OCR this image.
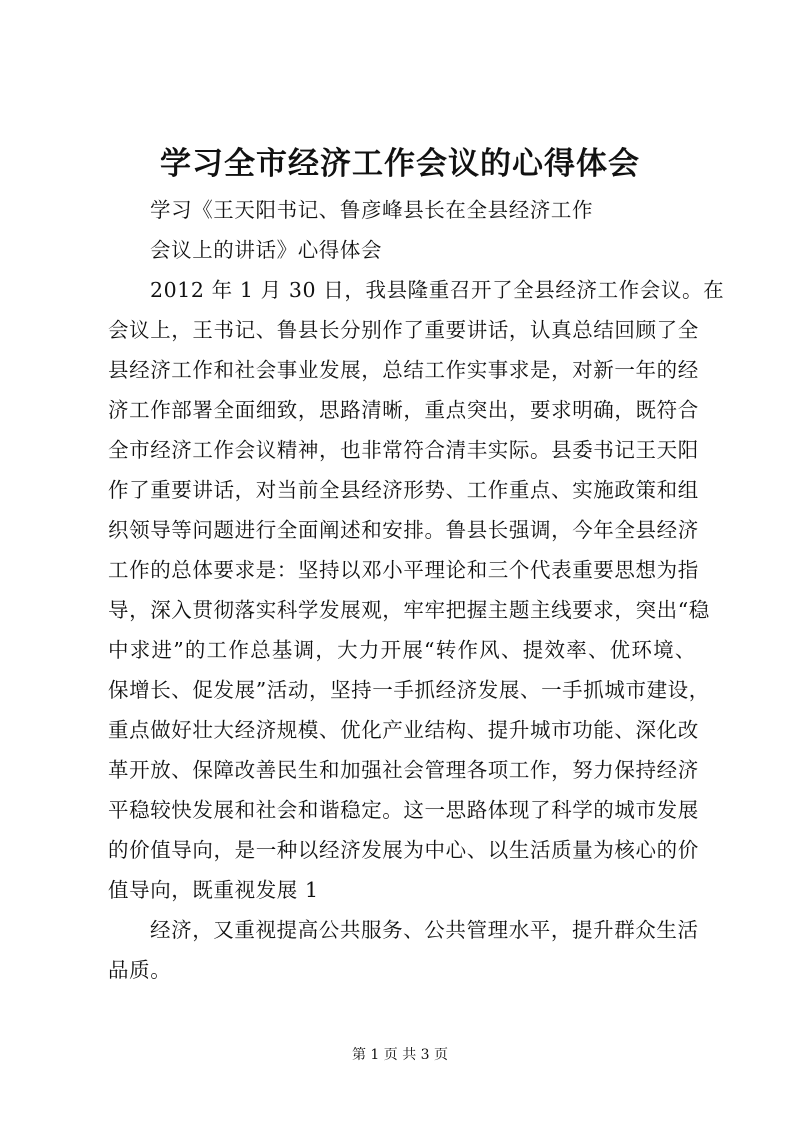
学习全市经济工作会议的心得体会
学习《王天阳书记、鲁彦峰县长在全县经济工作
会议上的讲话》心得体会
2012 年 1 月 30 日，我县隆重召开了全县经济工作会议。在
会议上，王书记、鲁县长分别作了重要讲话，认真总结回顾了全
县经济工作和社会事业发展，总结工作实事求是，对新一年的经
济工作部署全面细致，思路清晰，重点突出，要求明确，既符合
全市经济工作会议精神，也非常符合清丰实际。县委书记王天阳
作了重要讲话，对当前全县经济形势、工作重点、实施政策和组
织领导等问题进行全面阐述和安排。鲁县长强调，今年全县经济
工作的总体要求是：坚持以邓小平理论和三个代表重要思想为指
导，深入贯彻落实科学发展观，牢牢把握主题主线要求，突出“稳
中求进”的工作总基调，大力开展“转作风、提效率、优环境、
保增长、促发展”活动，坚持一手抓经济发展、一手抓城市建设，
重点做好壮大经济规模、优化产业结构、提升城市功能、深化改
革开放、保障改善民生和加强社会管理各项工作，努力保持经济
平稳较快发展和社会和谐稳定。这一思路体现了科学的城市发展
的价值导向，是一种以经济发展为中心、以生活质量为核心的价
值导向，既重视发展 1
经济，又重视提高公共服务、公共管理水平，提升群众生活
品质。
第 1 页 共 3 页
